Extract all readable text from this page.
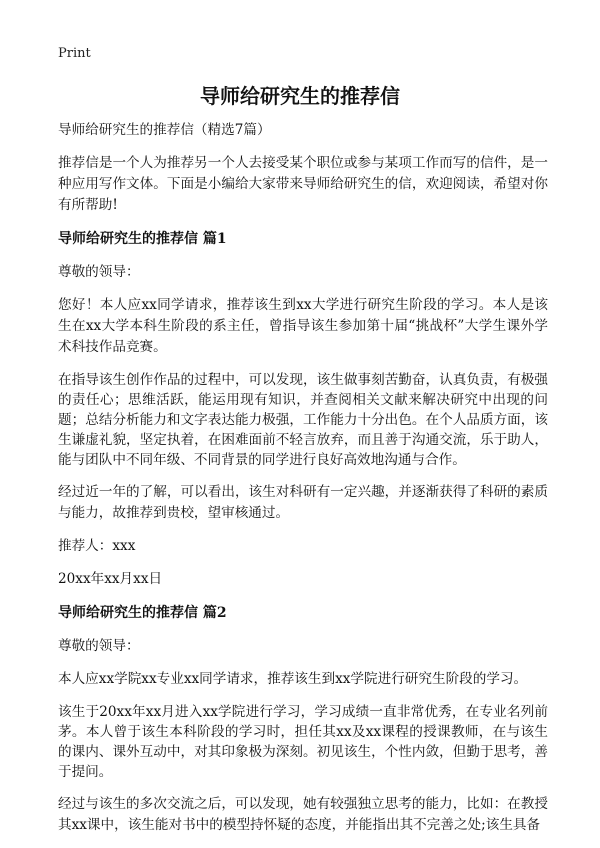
Print
导师给研究生的推荐信

导师给研究生的推荐信（精选7篇）

推荐信是一个人为推荐另一个人去接受某个职位或参与某项工作而写的信件，是一种应用写作文体。下面是小编给大家带来导师给研究生的信，欢迎阅读，希望对你有所帮助!

导师给研究生的推荐信 篇1

尊敬的领导：

您好！本人应xx同学请求，推荐该生到xx大学进行研究生阶段的学习。本人是该生在xx大学本科生阶段的系主任，曾指导该生参加第十届“挑战杯”大学生课外学术科技作品竞赛。

在指导该生创作作品的过程中，可以发现，该生做事刻苦勤奋，认真负责，有极强的责任心；思维活跃，能运用现有知识，并查阅相关文献来解决研究中出现的问题；总结分析能力和文字表达能力极强，工作能力十分出色。在个人品质方面，该生谦虚礼貌，坚定执着，在困难面前不轻言放弃，而且善于沟通交流，乐于助人，能与团队中不同年级、不同背景的同学进行良好高效地沟通与合作。

经过近一年的了解，可以看出，该生对科研有一定兴趣，并逐渐获得了科研的素质与能力，故推荐到贵校，望审核通过。

推荐人：xxx

20xx年xx月xx日

导师给研究生的推荐信 篇2

尊敬的领导：

本人应xx学院xx专业xx同学请求，推荐该生到xx学院进行研究生阶段的学习。

该生于20xx年xx月进入xx学院进行学习，学习成绩一直非常优秀，在专业名列前茅。本人曾于该生本科阶段的学习时，担任其xx及xx课程的授课教师，在与该生的课内、课外互动中，对其印象极为深刻。初见该生，个性内敛，但勤于思考，善于提问。

经过与该生的多次交流之后，可以发现，她有较强独立思考的能力，比如：在教授其xx课中，该生能对书中的模型持怀疑的态度，并能指出其不完善之处;该生具备
